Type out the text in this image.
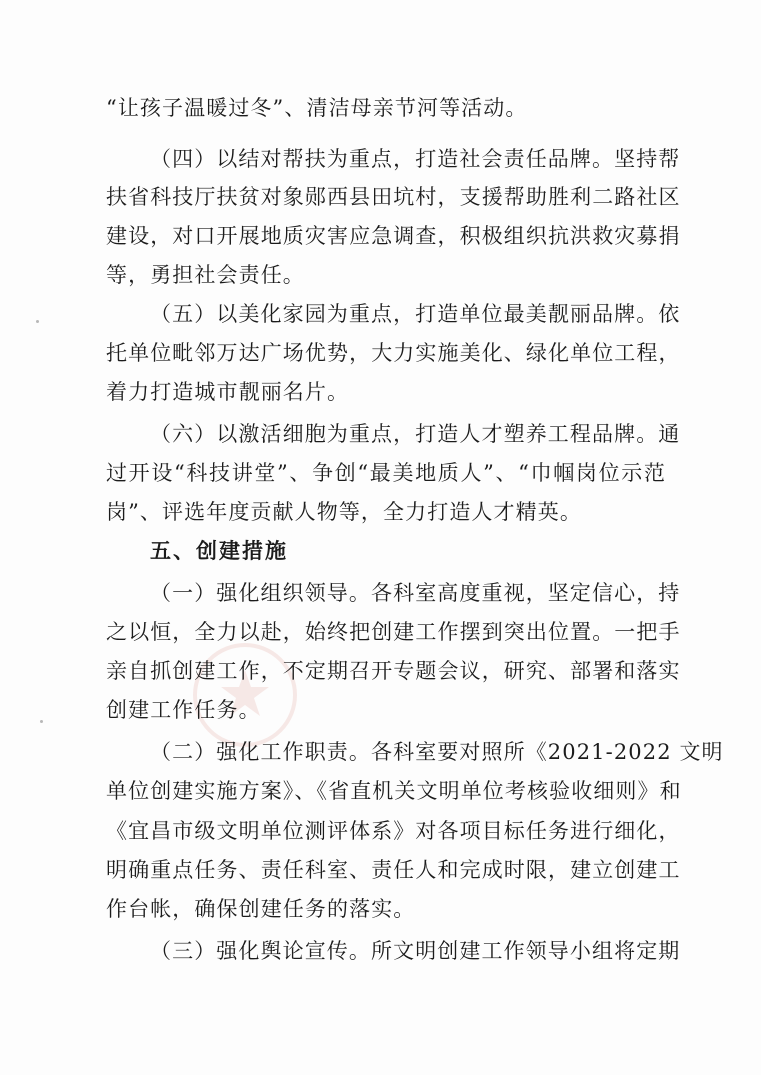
“让孩子温暖过冬”、清洁母亲节河等活动。
（四）以结对帮扶为重点，打造社会责任品牌。坚持帮
扶省科技厅扶贫对象郧西县田坑村，支援帮助胜利二路社区
建设，对口开展地质灾害应急调查，积极组织抗洪救灾募捐
等，勇担社会责任。
（五）以美化家园为重点，打造单位最美靓丽品牌。依
托单位毗邻万达广场优势，大力实施美化、绿化单位工程，
着力打造城市靓丽名片。
（六）以激活细胞为重点，打造人才塑养工程品牌。通
过开设“科技讲堂”、争创“最美地质人”、“巾帼岗位示范
岗”、评选年度贡献人物等，全力打造人才精英。
五、创建措施
（一）强化组织领导。各科室高度重视，坚定信心，持
之以恒，全力以赴，始终把创建工作摆到突出位置。一把手
亲自抓创建工作，不定期召开专题会议，研究、部署和落实
创建工作任务。
（二）强化工作职责。各科室要对照所《2021-2022 文明
单位创建实施方案》、《省直机关文明单位考核验收细则》和
《宜昌市级文明单位测评体系》对各项目标任务进行细化，
明确重点任务、责任科室、责任人和完成时限，建立创建工
作台帐，确保创建任务的落实。
（三）强化舆论宣传。所文明创建工作领导小组将定期
